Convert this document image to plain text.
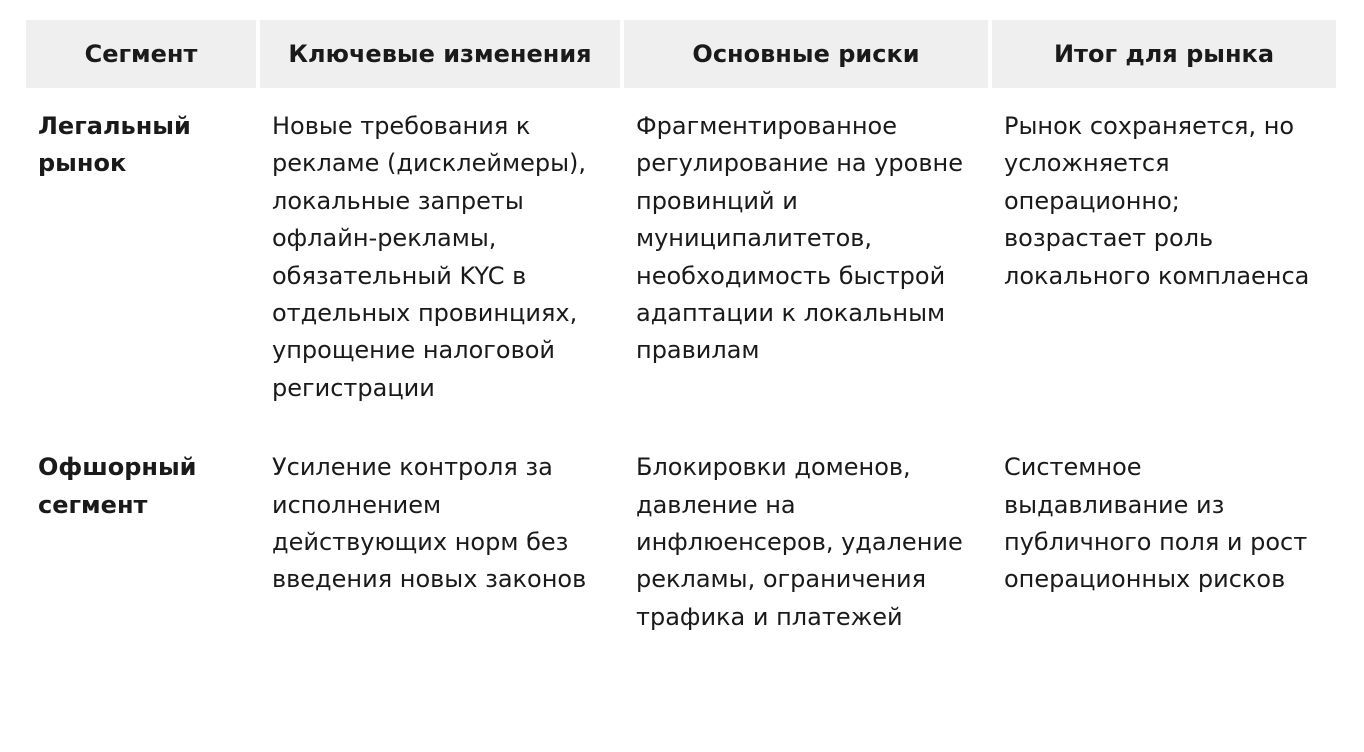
Сегмент	Ключевые изменения	Основные риски	Итог для рынка

Легальный рынок	Новые требования к рекламе (дисклеймеры), локальные запреты офлайн-рекламы, обязательный KYC в отдельных провинциях, упрощение налоговой регистрации	Фрагментированное регулирование на уровне провинций и муниципалитетов, необходимость быстрой адаптации к локальным правилам	Рынок сохраняется, но усложняется операционно; возрастает роль локального комплаенса

Офшорный сегмент	Усиление контроля за исполнением действующих норм без введения новых законов	Блокировки доменов, давление на инфлюенсеров, удаление рекламы, ограничения трафика и платежей	Системное выдавливание из публичного поля и рост операционных рисков
